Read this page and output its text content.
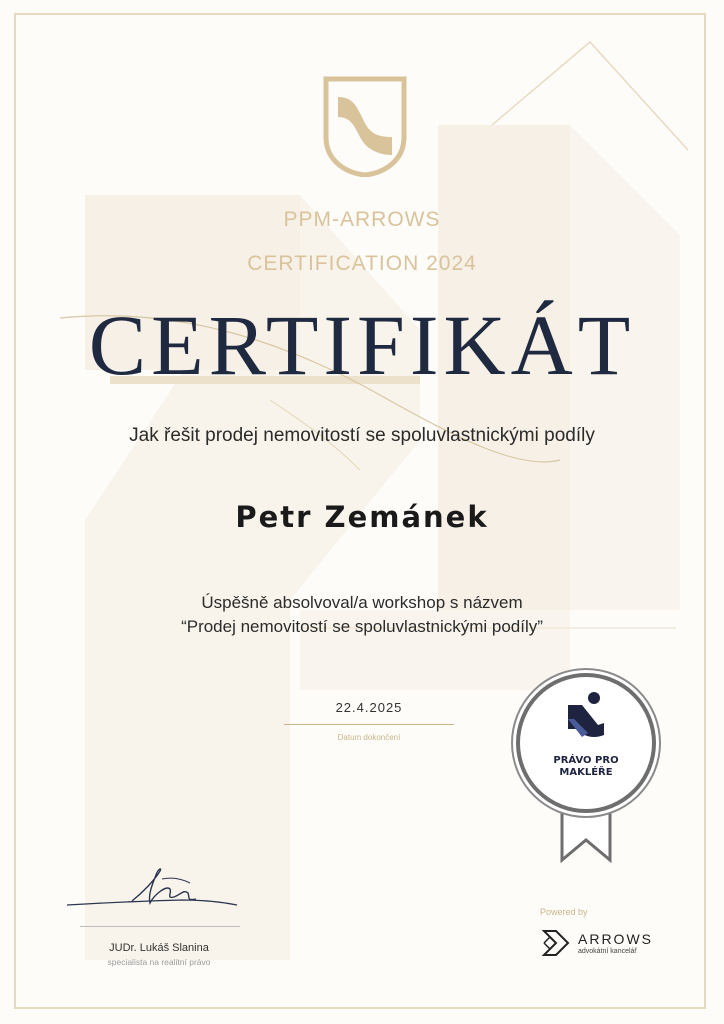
PPM-ARROWS
CERTIFICATION 2024
CERTIFIKÁT
Jak řešit prodej nemovitostí se spoluvlastnickými podíly
Petr Zemánek
Úspěšně absolvoval/a workshop s názvem
“Prodej nemovitostí se spoluvlastnickými podíly”
22.4.2025
Datum dokončení
PRÁVO PRO
MAKLÉŘE
JUDr. Lukáš Slanina
specialista na realitní právo
Powered by
ARROWS
advokátní kancelář
